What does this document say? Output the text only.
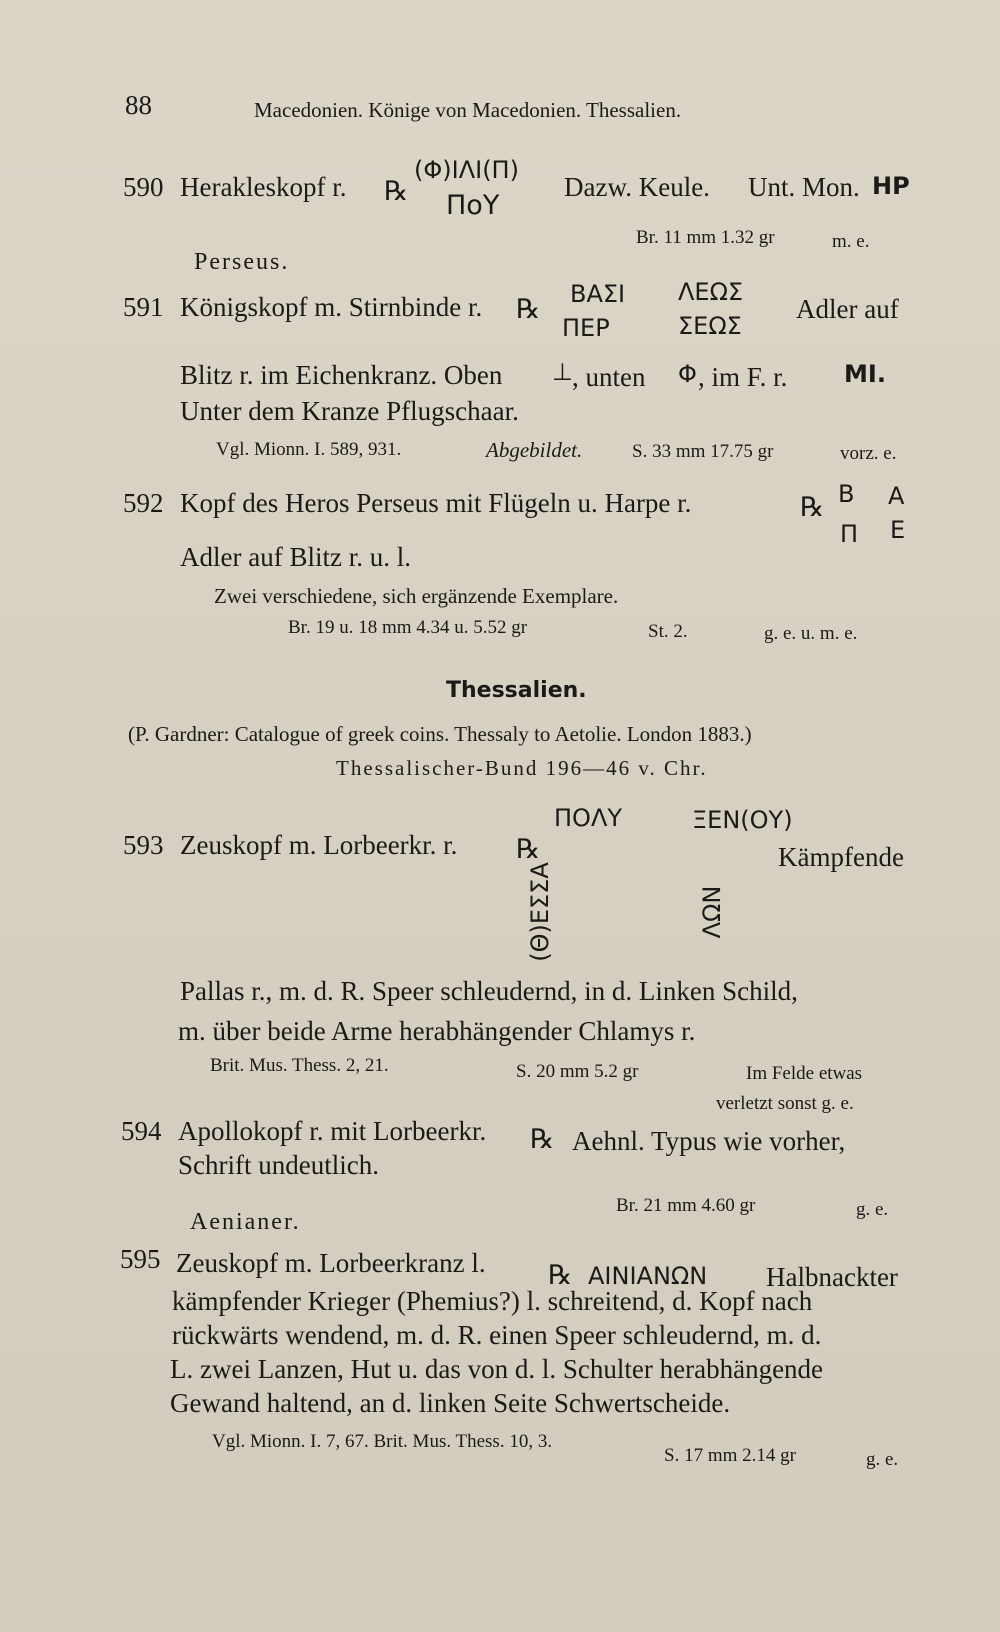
88	Macedonien. Könige von Macedonien. Thessalien.
590 Herakleskopf r. ℞
(Φ)ΙΛΙ(Π)
ΠοΥ
Dazw. Keule. Unt. Mon. ΗΡ
Br. 11 mm 1.32 gr	m. e.
Perseus.
591 Königskopf m. Stirnbinde r. ℞ ΒΑΣΙ
ΠΕΡ
ΛΕΩΣ
ΣΕΩΣ
Adler auf
Blitz r. im Eichenkranz. Oben ⊥ , unten Φ , im F. r. ΜΙ.
Unter dem Kranze Pflugschaar.
Vgl. Mionn. I. 589, 931.	Abgebildet.	S. 33 mm 17.75 gr	vorz. e.
592 Kopf des Heros Perseus mit Flügeln u. Harpe r.	℞ Β Α
Π Ε
Adler auf Blitz r. u. l.
Zwei verschiedene, sich ergänzende Exemplare.
Br. 19 u. 18 mm 4.34 u. 5.52 gr	St. 2.	g. e. u. m. e.
Thessalien.
(P. Gardner: Catalogue of greek coins. Thessaly to Aetolie. London 1883.)
Thessalischer-Bund 196—46 v. Chr.
ΠΟΛΥ	ΞΕΝ(ΟΥ)
593 Zeuskopf m. Lorbeerkr. r. ℞	Kämpfende
(Θ)ΕΣΣΑ	ΛΩΝ
Pallas r., m. d. R. Speer schleudernd, in d. Linken Schild,
m. über beide Arme herabhängender Chlamys r.
Brit. Mus. Thess. 2, 21.	S. 20 mm 5.2 gr	Im Felde etwas
verletzt sonst g. e.
594 Apollokopf r. mit Lorbeerkr. ℞ Aehnl. Typus wie vorher,
Schrift undeutlich.
Br. 21 mm 4.60 gr	g. e.
Aenianer.
595 Zeuskopf m. Lorbeerkranz l. ℞ ΑΙΝΙΑΝΩΝ Halbnackter
kämpfender Krieger (Phemius?) l. schreitend, d. Kopf nach
rückwärts wendend, m. d. R. einen Speer schleudernd, m. d.
L. zwei Lanzen, Hut u. das von d. l. Schulter herabhängende
Gewand haltend, an d. linken Seite Schwertscheide.
Vgl. Mionn. I. 7, 67. Brit. Mus. Thess. 10, 3.
S. 17 mm 2.14 gr	g. e.
